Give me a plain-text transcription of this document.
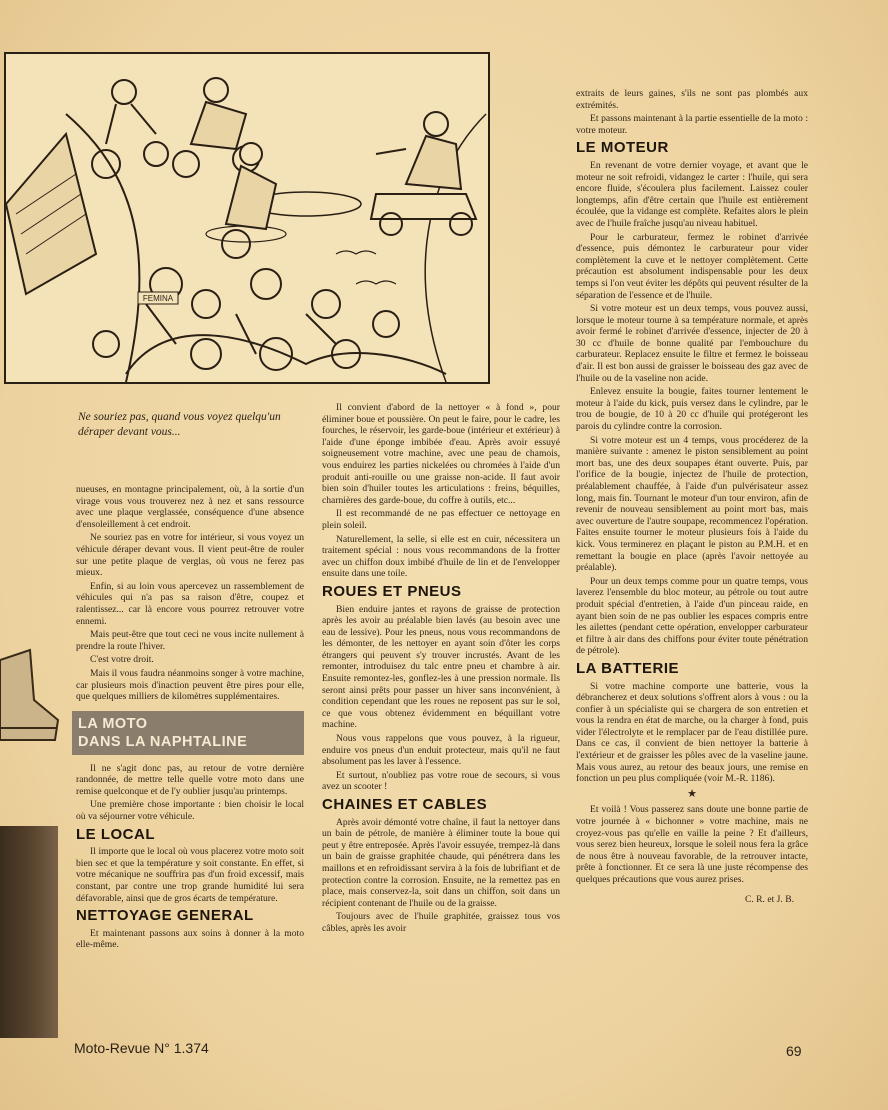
FEMINA
Ne souriez pas, quand vous voyez quelqu'un déraper devant vous...

nueuses, en montagne principalement, où, à la sortie d'un virage vous vous trouverez nez à nez et sans ressource avec une plaque verglassée, conséquence d'une absence d'ensoleillement à cet endroit.

Ne souriez pas en votre for intérieur, si vous voyez un véhicule déraper devant vous. Il vient peut-être de rouler sur une petite plaque de verglas, où vous ne ferez pas mieux.

Enfin, si au loin vous apercevez un rassemblement de véhicules qui n'a pas sa raison d'être, coupez et ralentissez... car là encore vous pourrez retrouver votre ennemi.

Mais peut-être que tout ceci ne vous incite nullement à prendre la route l'hiver.

C'est votre droit.

Mais il vous faudra néanmoins songer à votre machine, car plusieurs mois d'inaction peuvent être pires pour elle, que quelques milliers de kilomètres supplémentaires.

LA MOTO
DANS LA NAPHTALINE

Il ne s'agit donc pas, au retour de votre dernière randonnée, de mettre telle quelle votre moto dans une remise quelconque et de l'y oublier jusqu'au printemps.

Une première chose importante : bien choisir le local où va séjourner votre véhicule.

LE LOCAL

Il importe que le local où vous placerez votre moto soit bien sec et que la température y soit constante. En effet, si votre mécanique ne souffrira pas d'un froid excessif, mais constant, par contre une trop grande humidité lui sera défavorable, ainsi que de gros écarts de température.

NETTOYAGE GENERAL

Et maintenant passons aux soins à donner à la moto elle-même.

Il convient d'abord de la nettoyer « à fond », pour éliminer boue et poussière. On peut le faire, pour le cadre, les fourches, le réservoir, les garde-boue (intérieur et extérieur) à l'aide d'une éponge imbibée d'eau. Après avoir essuyé soigneusement votre machine, avec une peau de chamois, vous enduirez les parties nickelées ou chromées à l'aide d'un produit anti-rouille ou une graisse non-acide. Il faut avoir bien soin d'huiler toutes les articulations : freins, béquilles, charnières des garde-boue, du coffre à outils, etc...

Il est recommandé de ne pas effectuer ce nettoyage en plein soleil.

Naturellement, la selle, si elle est en cuir, nécessitera un traitement spécial : nous vous recommandons de la frotter avec un chiffon doux imbibé d'huile de lin et de l'envelopper ensuite dans une toile.

ROUES ET PNEUS

Bien enduire jantes et rayons de graisse de protection après les avoir au préalable bien lavés (au besoin avec une eau de lessive). Pour les pneus, nous vous recommandons de les démonter, de les nettoyer en ayant soin d'ôter les corps étrangers qui peuvent s'y trouver incrustés. Avant de les remonter, introduisez du talc entre pneu et chambre à air. Ensuite remontez-les, gonflez-les à une pression normale. Ils seront ainsi prêts pour passer un hiver sans inconvénient, à condition cependant que les roues ne reposent pas sur le sol, ce que vous obtenez évidemment en béquillant votre machine.

Nous vous rappelons que vous pouvez, à la rigueur, enduire vos pneus d'un enduit protecteur, mais qu'il ne faut absolument pas les laver à l'essence.

Et surtout, n'oubliez pas votre roue de secours, si vous avez un scooter !

CHAINES ET CABLES

Après avoir démonté votre chaîne, il faut la nettoyer dans un bain de pétrole, de manière à éliminer toute la boue qui peut y être entreposée. Après l'avoir essuyée, trempez-là dans un bain de graisse graphitée chaude, qui pénétrera dans les maillons et en refroidissant servira à la fois de lubrifiant et de protection contre la corrosion. Ensuite, ne la remettez pas en place, mais conservez-la, soit dans un chiffon, soit dans un récipient contenant de l'huile ou de la graisse.

Toujours avec de l'huile graphitée, graissez tous vos câbles, après les avoir

extraits de leurs gaines, s'ils ne sont pas plombés aux extrémités.

Et passons maintenant à la partie essentielle de la moto : votre moteur.

LE MOTEUR

En revenant de votre dernier voyage, et avant que le moteur ne soit refroidi, vidangez le carter : l'huile, qui sera encore fluide, s'écoulera plus facilement. Laissez couler longtemps, afin d'être certain que l'huile est entièrement écoulée, que la vidange est complète. Refaites alors le plein avec de l'huile fraîche jusqu'au niveau habituel.

Pour le carburateur, fermez le robinet d'arrivée d'essence, puis démontez le carburateur pour vider complètement la cuve et le nettoyer complètement. Cette précaution est absolument indispensable pour les deux temps si l'on veut éviter les dépôts qui peuvent résulter de la séparation de l'essence et de l'huile.

Si votre moteur est un deux temps, vous pouvez aussi, lorsque le moteur tourne à sa température normale, et après avoir fermé le robinet d'arrivée d'essence, injecter de 20 à 30 cc d'huile de bonne qualité par l'embouchure du carburateur. Replacez ensuite le filtre et fermez le boisseau d'air. Il est bon aussi de graisser le boisseau des gaz avec de l'huile ou de la vaseline non acide.

Enlevez ensuite la bougie, faites tourner lentement le moteur à l'aide du kick, puis versez dans le cylindre, par le trou de bougie, de 10 à 20 cc d'huile qui protégeront les parois du cylindre contre la corrosion.

Si votre moteur est un 4 temps, vous procéderez de la manière suivante : amenez le piston sensiblement au point mort bas, une des deux soupapes étant ouverte. Puis, par l'orifice de la bougie, injectez de l'huile de protection, préalablement chauffée, à l'aide d'un pulvérisateur assez long, mais fin. Tournant le moteur d'un tour environ, afin de revenir de nouveau sensiblement au point mort bas, mais avec ouverture de l'autre soupape, recommencez l'opération. Faites ensuite tourner le moteur plusieurs fois à l'aide du kick. Vous terminerez en plaçant le piston au P.M.H. et en remettant la bougie en place (après l'avoir nettoyée au préalable).

Pour un deux temps comme pour un quatre temps, vous laverez l'ensemble du bloc moteur, au pétrole ou tout autre produit spécial d'entretien, à l'aide d'un pinceau raide, en ayant bien soin de ne pas oublier les espaces compris entre les ailettes (pendant cette opération, envelopper carburateur et filtre à air dans des chiffons pour éviter toute pénétration de pétrole).

LA BATTERIE

Si votre machine comporte une batterie, vous la débrancherez et deux solutions s'offrent alors à vous : ou la confier à un spécialiste qui se chargera de son entretien et vous la rendra en état de marche, ou la charger à fond, puis vider l'électrolyte et le remplacer par de l'eau distillée pure. Dans ce cas, il convient de bien nettoyer la batterie à l'extérieur et de graisser les pôles avec de la vaseline jaune. Mais vous aurez, au retour des beaux jours, une remise en fonction un peu plus compliquée (voir M.-R. 1186).

★

Et voilà ! Vous passerez sans doute une bonne partie de votre journée à « bichonner » votre machine, mais ne croyez-vous pas qu'elle en vaille la peine ? Et d'ailleurs, vous serez bien heureux, lorsque le soleil nous fera la grâce de nous être à nouveau favorable, de la retrouver intacte, prête à fonctionner. Et ce sera là une juste récompense des quelques précautions que vous aurez prises.

C. R. et J. B.
Moto-Revue N° 1.374	69
